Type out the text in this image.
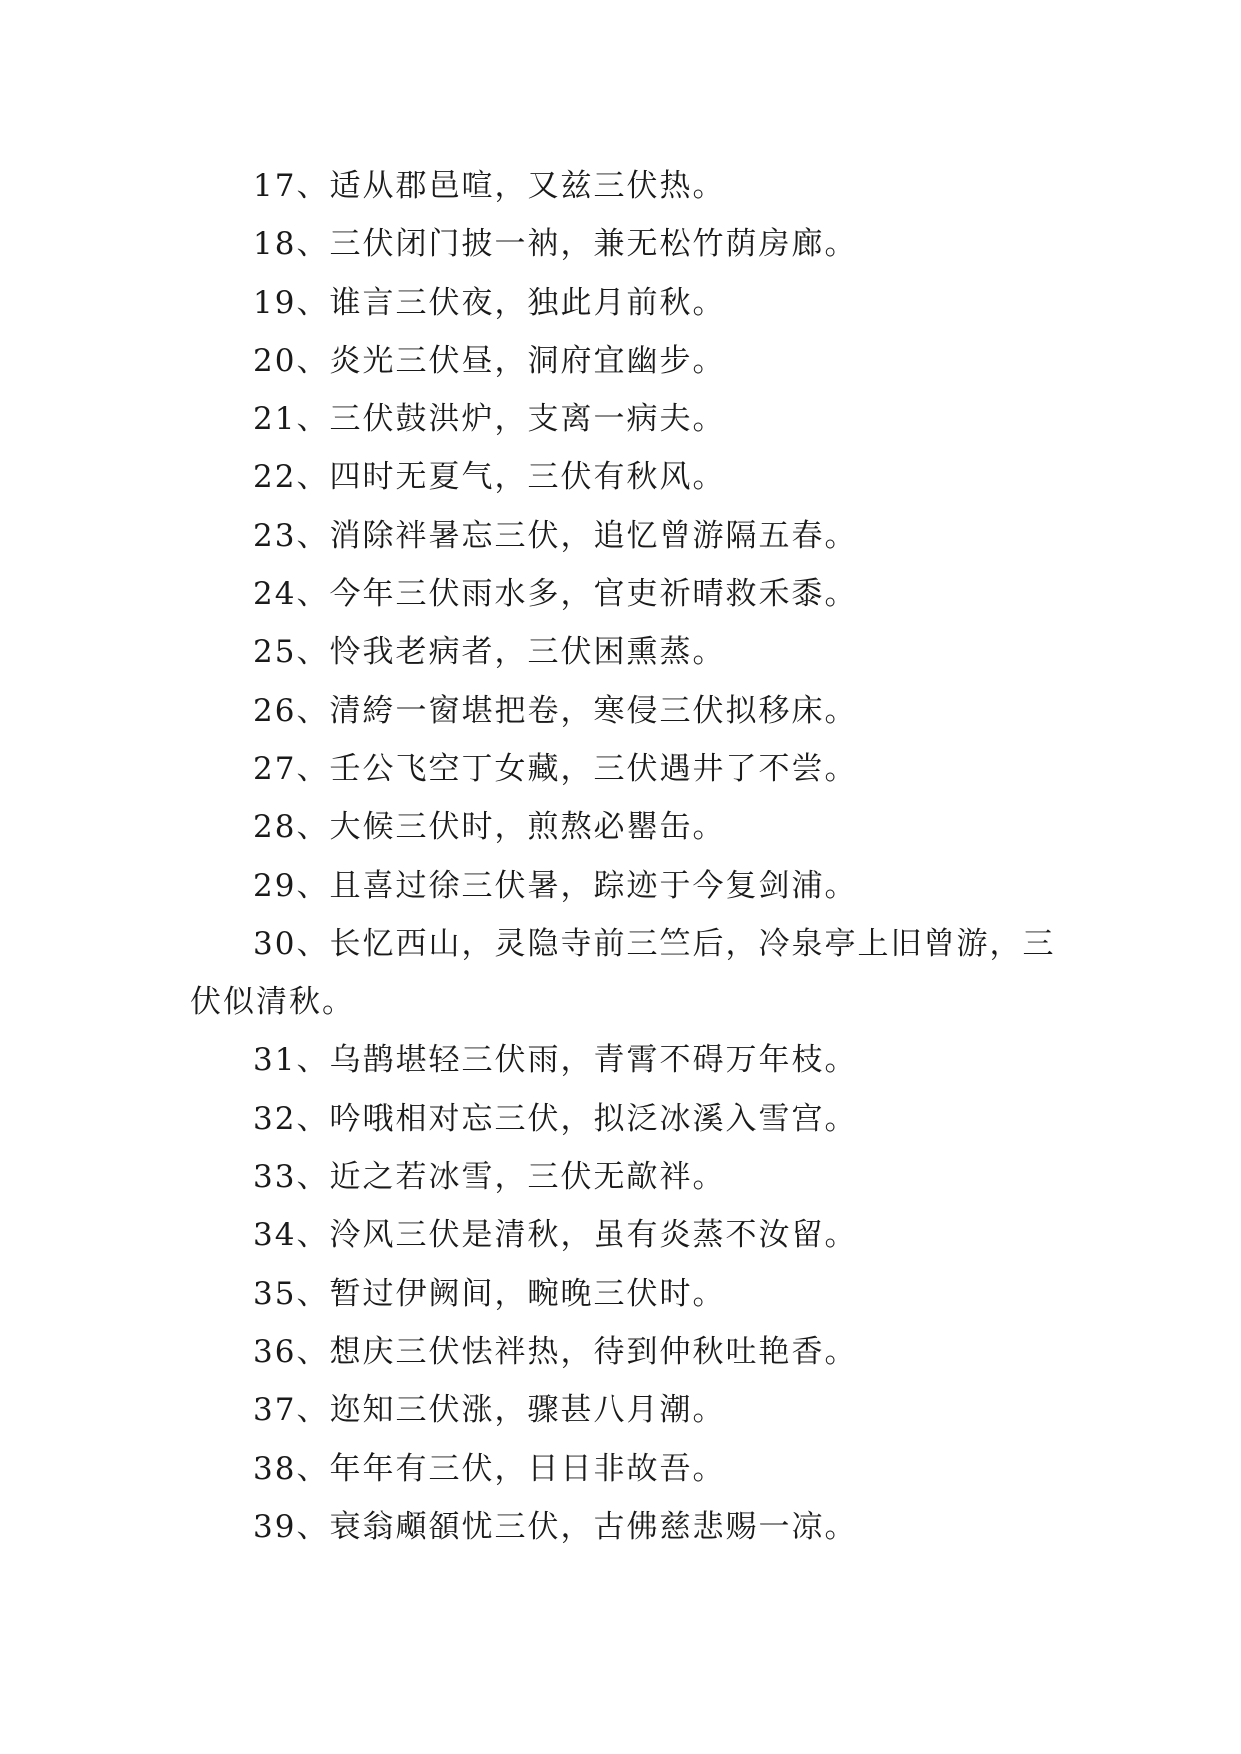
17、适从郡邑喧，又兹三伏热。
18、三伏闭门披一衲，兼无松竹荫房廊。
19、谁言三伏夜，独此月前秋。
20、炎光三伏昼，洞府宜幽步。
21、三伏鼓洪炉，支离一病夫。
22、四时无夏气，三伏有秋风。
23、消除袢暑忘三伏，追忆曾游隔五春。
24、今年三伏雨水多，官吏祈晴救禾黍。
25、怜我老病者，三伏困熏蒸。
26、清絝一窗堪把卷，寒侵三伏拟移床。
27、壬公飞空丁女藏，三伏遇井了不尝。
28、大候三伏时，煎熬必罌缶。
29、且喜过徐三伏暑，踪迹于今复剑浦。
30、长忆西山，灵隐寺前三竺后，冷泉亭上旧曾游，三
伏似清秋。
31、乌鹊堪轻三伏雨，青霄不碍万年枝。
32、吟哦相对忘三伏，拟泛冰溪入雪宫。
33、近之若冰雪，三伏无歊袢。
34、泠风三伏是清秋，虽有炎蒸不汝留。
35、暂过伊阙间，畹晚三伏时。
36、想庆三伏怯袢热，待到仲秋吐艳香。
37、迩知三伏涨，骤甚八月潮。
38、年年有三伏，日日非故吾。
39、衰翁顑頟忧三伏，古佛慈悲赐一凉。
